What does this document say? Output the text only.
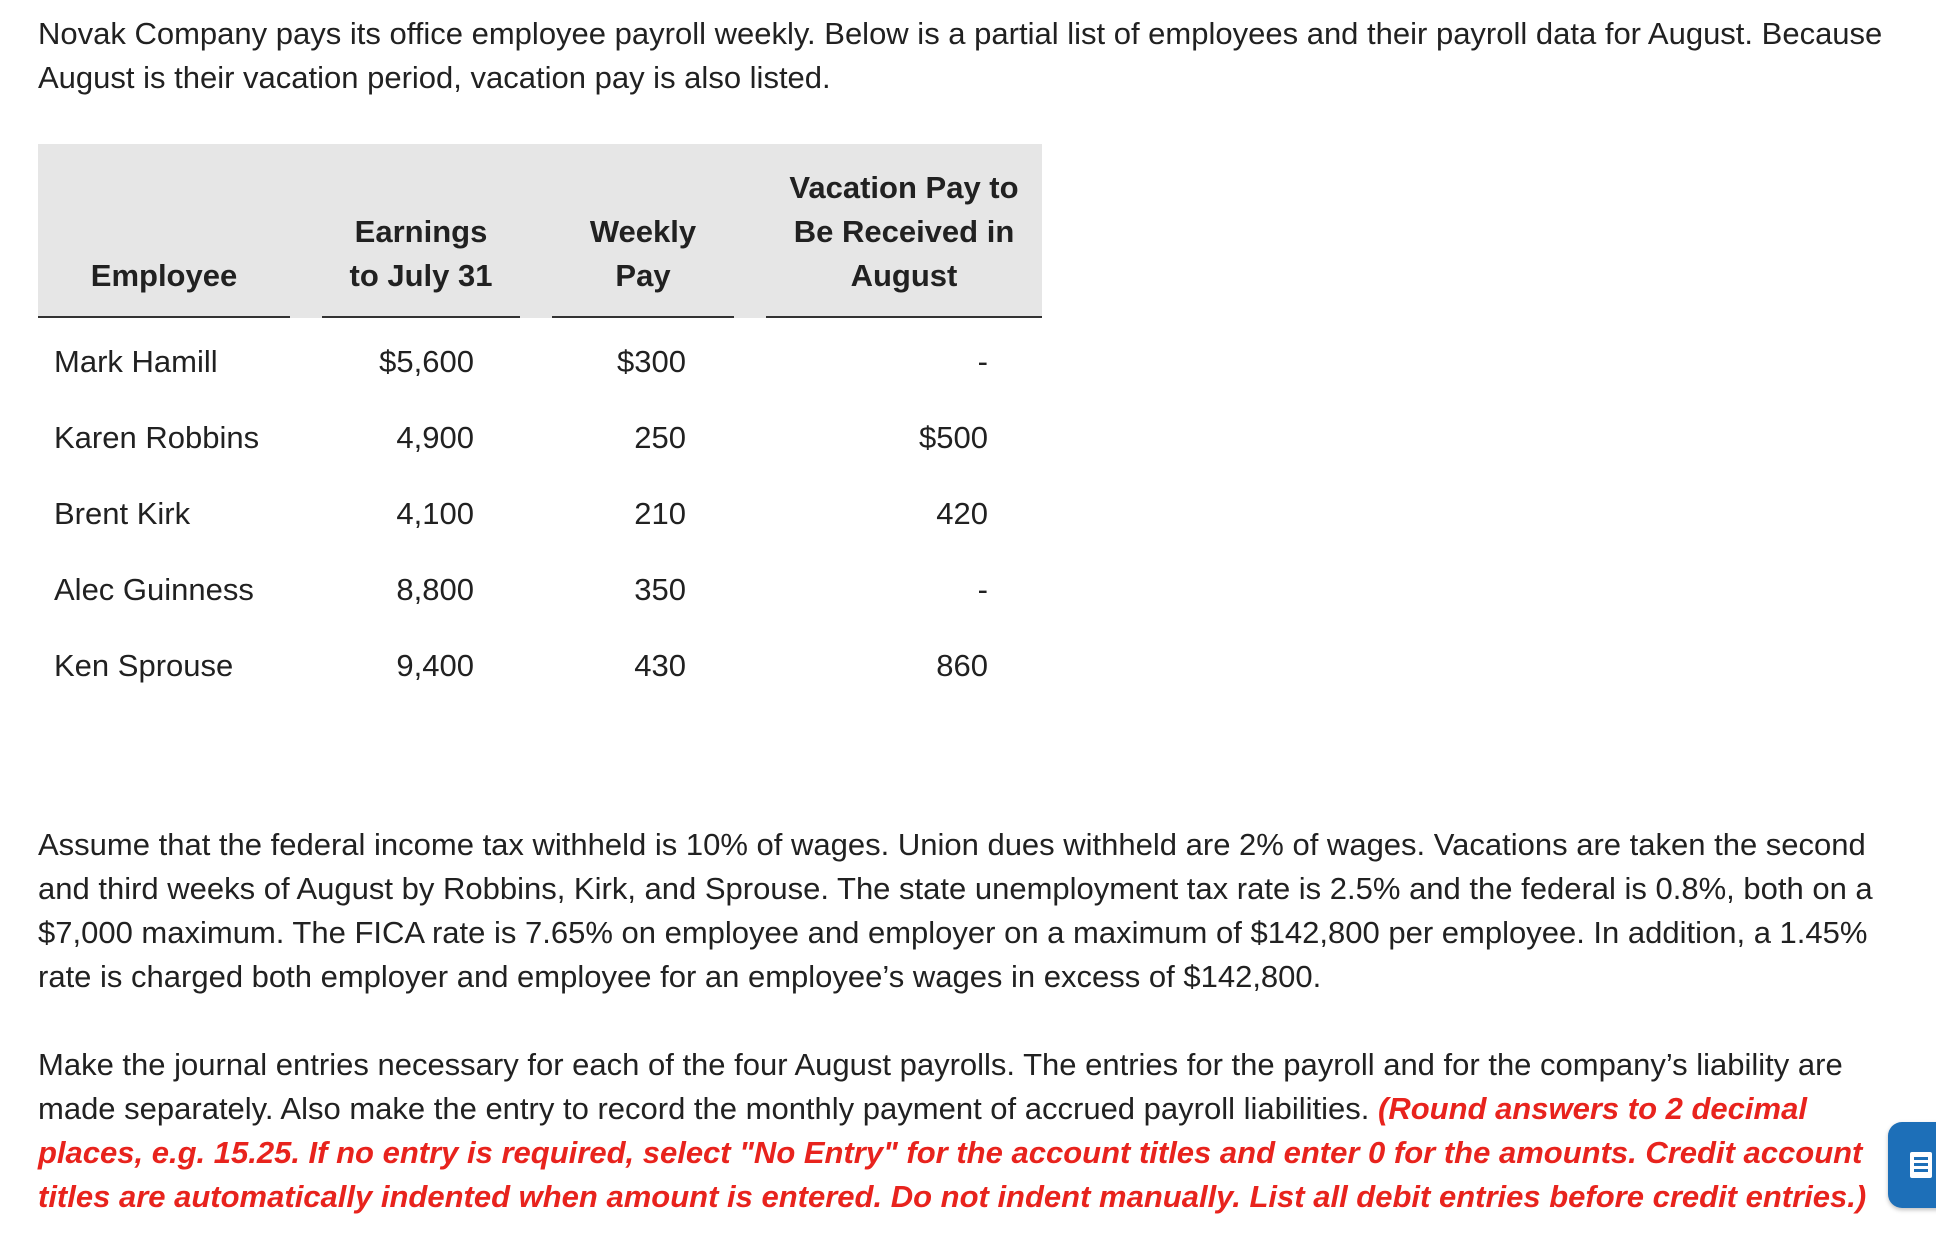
Novak Company pays its office employee payroll weekly. Below is a partial list of employees and their payroll data for August. Because August is their vacation period, vacation pay is also listed.

Employee		Earnings to July 31		Weekly Pay		Vacation Pay to Be Received in August
Mark Hamill		$5,600		$300		-
Karen Robbins		4,900		250		$500
Brent Kirk		4,100		210		420
Alec Guinness		8,800		350		-
Ken Sprouse		9,400		430		860

Assume that the federal income tax withheld is 10% of wages. Union dues withheld are 2% of wages. Vacations are taken the second and third weeks of August by Robbins, Kirk, and Sprouse. The state unemployment tax rate is 2.5% and the federal is 0.8%, both on a $7,000 maximum. The FICA rate is 7.65% on employee and employer on a maximum of $142,800 per employee. In addition, a 1.45% rate is charged both employer and employee for an employee’s wages in excess of $142,800.

Make the journal entries necessary for each of the four August payrolls. The entries for the payroll and for the company’s liability are made separately. Also make the entry to record the monthly payment of accrued payroll liabilities. (Round answers to 2 decimal places, e.g. 15.25. If no entry is required, select "No Entry" for the account titles and enter 0 for the amounts. Credit account titles are automatically indented when amount is entered. Do not indent manually. List all debit entries before credit entries.)
